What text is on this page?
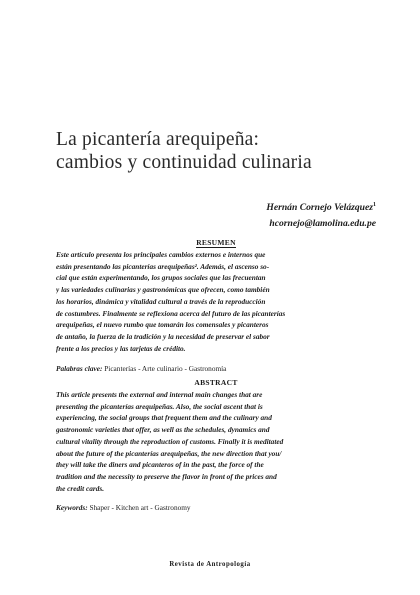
La picantería arequipeña:
cambios y continuidad culinaria
Hernán Cornejo Velázquez$^1$
hcornejo@lamolina.edu.pe
RESUMEN

Este artículo presenta los principales cambios externos e internos que
están presentando las picanterías arequipeñas². Además, el ascenso so-
cial que están experimentando, los grupos sociales que las frecuentan
y las variedades culinarias y gastronómicas que ofrecen, como también
los horarios, dinámica y vitalidad cultural a través de la reproducción
de costumbres. Finalmente se reflexiona acerca del futuro de las picanterías
arequipeñas, el nuevo rumbo que tomarán los comensales y picanteros
de antaño, la fuerza de la tradición y la necesidad de preservar el sabor
frente a los precios y las tarjetas de crédito.

Palabras clave: Picanterías - Arte culinario - Gastronomía

ABSTRACT

This article presents the external and internal main changes that are
presenting the picanterías arequipeñas. Also, the social ascent that is
experiencing, the social groups that frequent them and the culinary and
gastronomic varieties that offer, as well as the schedules, dynamics and
cultural vitality through the reproduction of customs. Finally it is meditated
about the future of the picanterías arequipeñas, the new direction that you/
they will take the diners and picanteros of in the past, the force of the
tradition and the necessity to preserve the flavor in front of the prices and
the credit cards.

Keywords: Shaper - Kitchen art - Gastronomy

Revista de Antropología
